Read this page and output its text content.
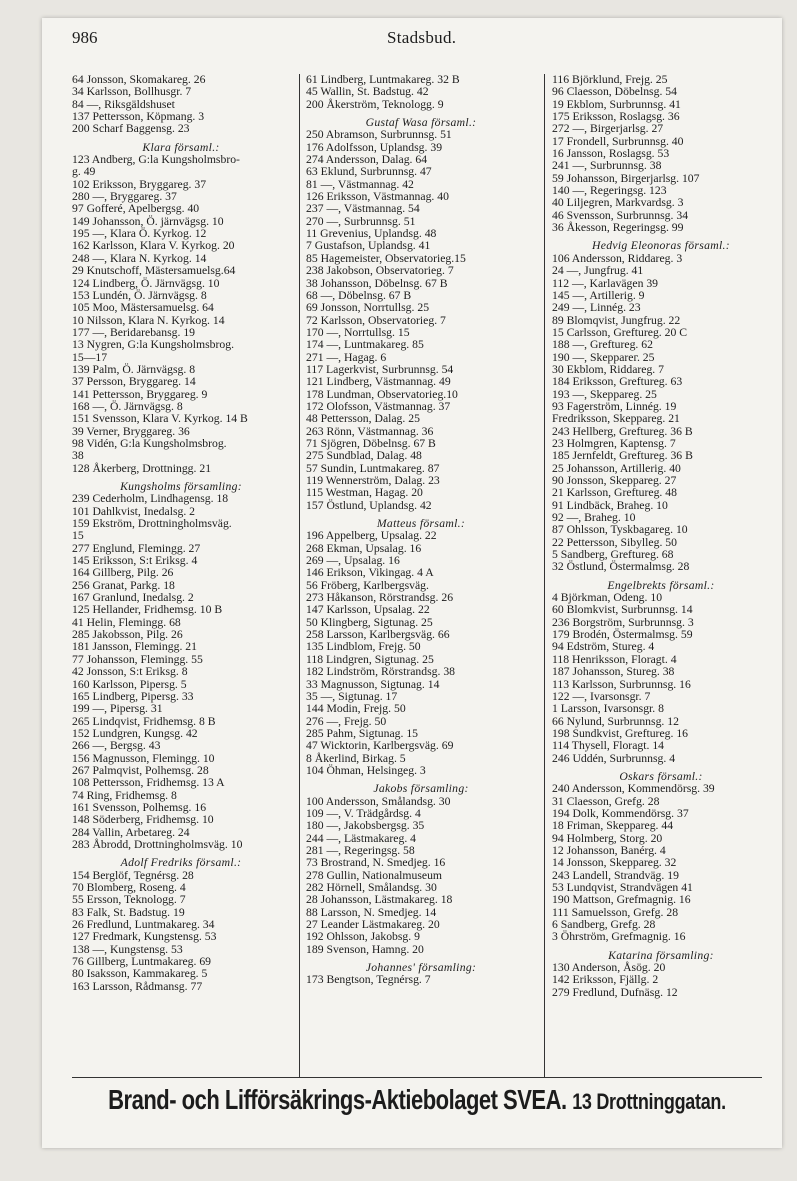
986	Stadsbud.
64 Jonsson, Skomakareg. 26
34 Karlsson, Bollhusgr. 7
84 —, Riksgäldshuset
137 Pettersson, Köpmang. 3
200 Scharf Baggensg. 23
Klara församl.:
123 Andberg, G:la Kungsholmsbro-
g. 49
102 Eriksson, Bryggareg. 37
280 —, Bryggareg. 37
97 Gofferé, Apelbergsg. 40
149 Johansson, Ö. järnvägsg. 10
195 —, Klara Ö. Kyrkog. 12
162 Karlsson, Klara V. Kyrkog. 20
248 —, Klara N. Kyrkog. 14
29 Knutschoff, Mästersamuelsg.64
124 Lindberg, Ö. Järnvägsg. 10
153 Lundén, Ö. Järnvägsg. 8
105 Moo, Mästersamuelsg. 64
10 Nilsson, Klara N. Kyrkog. 14
177 —, Beridarebansg. 19
13 Nygren, G:la Kungsholmsbrog.
15—17
139 Palm, Ö. Järnvägsg. 8
37 Persson, Bryggareg. 14
141 Pettersson, Bryggareg. 9
168 —, Ö. Järnvägsg. 8
151 Svensson, Klara V. Kyrkog. 14 B
39 Verner, Bryggareg. 36
98 Vidén, G:la Kungsholmsbrog.
38
128 Åkerberg, Drottningg. 21
Kungsholms församling:
239 Cederholm, Lindhagensg. 18
101 Dahlkvist, Inedalsg. 2
159 Ekström, Drottningholmsväg.
15
277 Englund, Flemingg. 27
145 Eriksson, S:t Eriksg. 4
164 Gillberg, Pilg. 26
256 Granat, Parkg. 18
167 Granlund, Inedalsg. 2
125 Hellander, Fridhemsg. 10 B
41 Helin, Flemingg. 68
285 Jakobsson, Pilg. 26
181 Jansson, Flemingg. 21
77 Johansson, Flemingg. 55
42 Jonsson, S:t Eriksg. 8
160 Karlsson, Pipersg. 5
165 Lindberg, Pipersg. 33
199 —, Pipersg. 31
265 Lindqvist, Fridhemsg. 8 B
152 Lundgren, Kungsg. 42
266 —, Bergsg. 43
156 Magnusson, Flemingg. 10
267 Palmqvist, Polhemsg. 28
108 Pettersson, Fridhemsg. 13 A
74 Ring, Fridhemsg. 8
161 Svensson, Polhemsg. 16
148 Söderberg, Fridhemsg. 10
284 Vallin, Arbetareg. 24
283 Åbrodd, Drottningholmsväg. 10
Adolf Fredriks församl.:
154 Berglöf, Tegnérsg. 28
70 Blomberg, Roseng. 4
55 Ersson, Teknologg. 7
83 Falk, St. Badstug. 19
26 Fredlund, Luntmakareg. 34
127 Fredmark, Kungstensg. 53
138 —, Kungstensg. 53
76 Gillberg, Luntmakareg. 69
80 Isaksson, Kammakareg. 5
163 Larsson, Rådmansg. 77
61 Lindberg, Luntmakareg. 32 B
45 Wallin, St. Badstug. 42
200 Åkerström, Teknologg. 9
Gustaf Wasa församl.:
250 Abramson, Surbrunnsg. 51
176 Adolfsson, Uplandsg. 39
274 Andersson, Dalag. 64
63 Eklund, Surbrunnsg. 47
81 —, Västmannag. 42
126 Eriksson, Västmannag. 40
237 —, Västmannag. 54
270 —, Surbrunnsg. 51
11 Grevenius, Uplandsg. 48
7 Gustafson, Uplandsg. 41
85 Hagemeister, Observatorieg.15
238 Jakobson, Observatorieg. 7
38 Johansson, Döbelnsg. 67 B
68 —, Döbelnsg. 67 B
69 Jonsson, Norrtullsg. 25
72 Karlsson, Observatorieg. 7
170 —, Norrtullsg. 15
174 —, Luntmakareg. 85
271 —, Hagag. 6
117 Lagerkvist, Surbrunnsg. 54
121 Lindberg, Västmannag. 49
178 Lundman, Observatorieg.10
172 Olofsson, Västmannag. 37
48 Pettersson, Dalag. 25
263 Rönn, Västmannag. 36
71 Sjögren, Döbelnsg. 67 B
275 Sundblad, Dalag. 48
57 Sundin, Luntmakareg. 87
119 Wennerström, Dalag. 23
115 Westman, Hagag. 20
157 Östlund, Uplandsg. 42
Matteus församl.:
196 Appelberg, Upsalag. 22
268 Ekman, Upsalag. 16
269 —, Upsalag. 16
146 Erikson, Vikingag. 4 A
56 Fröberg, Karlbergsväg.
273 Håkanson, Rörstrandsg. 26
147 Karlsson, Upsalag. 22
50 Klingberg, Sigtunag. 25
258 Larsson, Karlbergsväg. 66
135 Lindblom, Frejg. 50
118 Lindgren, Sigtunag. 25
182 Lindström, Rörstrandsg. 38
33 Magnusson, Sigtunag. 14
35 —, Sigtunag. 17
144 Modin, Frejg. 50
276 —, Frejg. 50
285 Pahm, Sigtunag. 15
47 Wicktorin, Karlbergsväg. 69
8 Åkerlind, Birkag. 5
104 Öhman, Helsingeg. 3
Jakobs församling:
100 Andersson, Smålandsg. 30
109 —, V. Trädgårdsg. 4
180 —, Jakobsbergsg. 35
244 —, Lästmakareg. 4
281 —, Regeringsg. 58
73 Brostrand, N. Smedjeg. 16
278 Gullin, Nationalmuseum
282 Hörnell, Smålandsg. 30
28 Johansson, Lästmakareg. 18
88 Larsson, N. Smedjeg. 14
27 Leander Lästmakareg. 20
192 Ohlsson, Jakobsg. 9
189 Svenson, Hamng. 20
Johannes' församling:
173 Bengtson, Tegnérsg. 7
116 Björklund, Frejg. 25
96 Claesson, Döbelnsg. 54
19 Ekblom, Surbrunnsg. 41
175 Eriksson, Roslagsg. 36
272 —, Birgerjarlsg. 27
17 Frondell, Surbrunnsg. 40
16 Jansson, Roslagsg. 53
241 —, Surbrunnsg. 38
59 Johansson, Birgerjarlsg. 107
140 —, Regeringsg. 123
40 Liljegren, Markvardsg. 3
46 Svensson, Surbrunnsg. 34
36 Åkesson, Regeringsg. 99
Hedvig Eleonoras församl.:
106 Andersson, Riddareg. 3
24 —, Jungfrug. 41
112 —, Karlavägen 39
145 —, Artillerig. 9
249 —, Linnég. 23
89 Blomqvist, Jungfrug. 22
15 Carlsson, Greftureg. 20 C
188 —, Greftureg. 62
190 —, Skepparег. 25
30 Ekblom, Riddareg. 7
184 Eriksson, Greftureg. 63
193 —, Skeppareg. 25
93 Fagerström, Linnég. 19
Fredriksson, Skeppareg. 21
243 Hellberg, Greftureg. 36 B
23 Holmgren, Kaptensg. 7
185 Jernfeldt, Greftureg. 36 B
25 Johansson, Artillerig. 40
90 Jonsson, Skeppareg. 27
21 Karlsson, Greftureg. 48
91 Lindbäck, Braheg. 10
92 —, Braheg. 10
87 Ohlsson, Tyskbagareg. 10
22 Pettersson, Sibylleg. 50
5 Sandberg, Greftureg. 68
32 Östlund, Östermalmsg. 28
Engelbrekts församl.:
4 Björkman, Odeng. 10
60 Blomkvist, Surbrunnsg. 14
236 Borgström, Surbrunnsg. 3
179 Brodén, Östermalmsg. 59
94 Edström, Stureg. 4
118 Henriksson, Floragt. 4
187 Johansson, Stureg. 38
113 Karlsson, Surbrunnsg. 16
122 —, Ivarsonsgr. 7
1 Larsson, Ivarsonsgr. 8
66 Nylund, Surbrunnsg. 12
198 Sundkvist, Greftureg. 16
114 Thysell, Floragt. 14
246 Uddén, Surbrunnsg. 4
Oskars församl.:
240 Andersson, Kommendörsg. 39
31 Claesson, Grefg. 28
194 Dolk, Kommendörsg. 37
18 Friman, Skeppareg. 44
94 Holmberg, Storg. 20
12 Johansson, Banérg. 4
14 Jonsson, Skeppareg. 32
243 Landell, Strandväg. 19
53 Lundqvist, Strandvägen 41
190 Mattson, Grefmagnig. 16
111 Samuelsson, Grefg. 28
6 Sandberg, Grefg. 28
3 Öhrström, Grefmagnig. 16
Katarina församling:
130 Anderson, Åsög. 20
142 Eriksson, Fjällg. 2
279 Fredlund, Dufnäsg. 12
Brand- och Lifförsäkrings-Aktiebolaget SVEA. 13 Drottninggatan.
